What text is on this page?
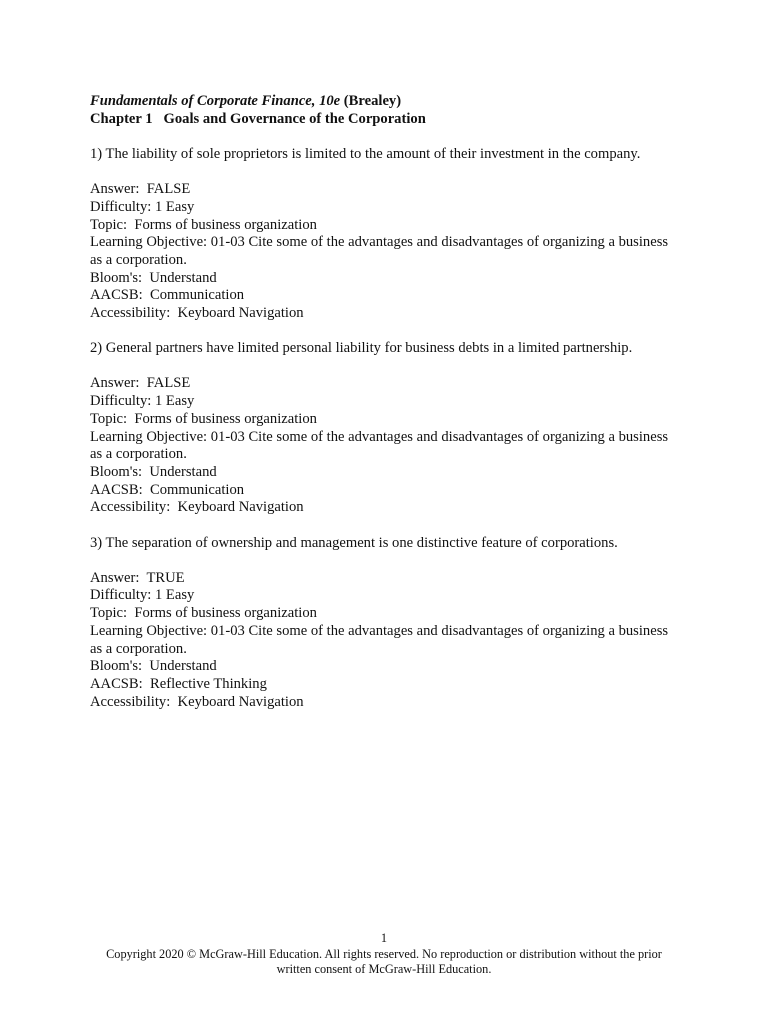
Fundamentals of Corporate Finance, 10e (Brealey)
Chapter 1 Goals and Governance of the Corporation
1) The liability of sole proprietors is limited to the amount of their investment in the company.
Answer:  FALSE
Difficulty: 1 Easy
Topic:  Forms of business organization
Learning Objective: 01-03 Cite some of the advantages and disadvantages of organizing a business as a corporation.
Bloom's:  Understand
AACSB:  Communication
Accessibility:  Keyboard Navigation
2) General partners have limited personal liability for business debts in a limited partnership.
Answer:  FALSE
Difficulty: 1 Easy
Topic:  Forms of business organization
Learning Objective: 01-03 Cite some of the advantages and disadvantages of organizing a business as a corporation.
Bloom's:  Understand
AACSB:  Communication
Accessibility:  Keyboard Navigation
3) The separation of ownership and management is one distinctive feature of corporations.
Answer:  TRUE
Difficulty: 1 Easy
Topic:  Forms of business organization
Learning Objective: 01-03 Cite some of the advantages and disadvantages of organizing a business as a corporation.
Bloom's:  Understand
AACSB:  Reflective Thinking
Accessibility:  Keyboard Navigation
1
Copyright 2020 © McGraw-Hill Education. All rights reserved. No reproduction or distribution without the prior written consent of McGraw-Hill Education.
